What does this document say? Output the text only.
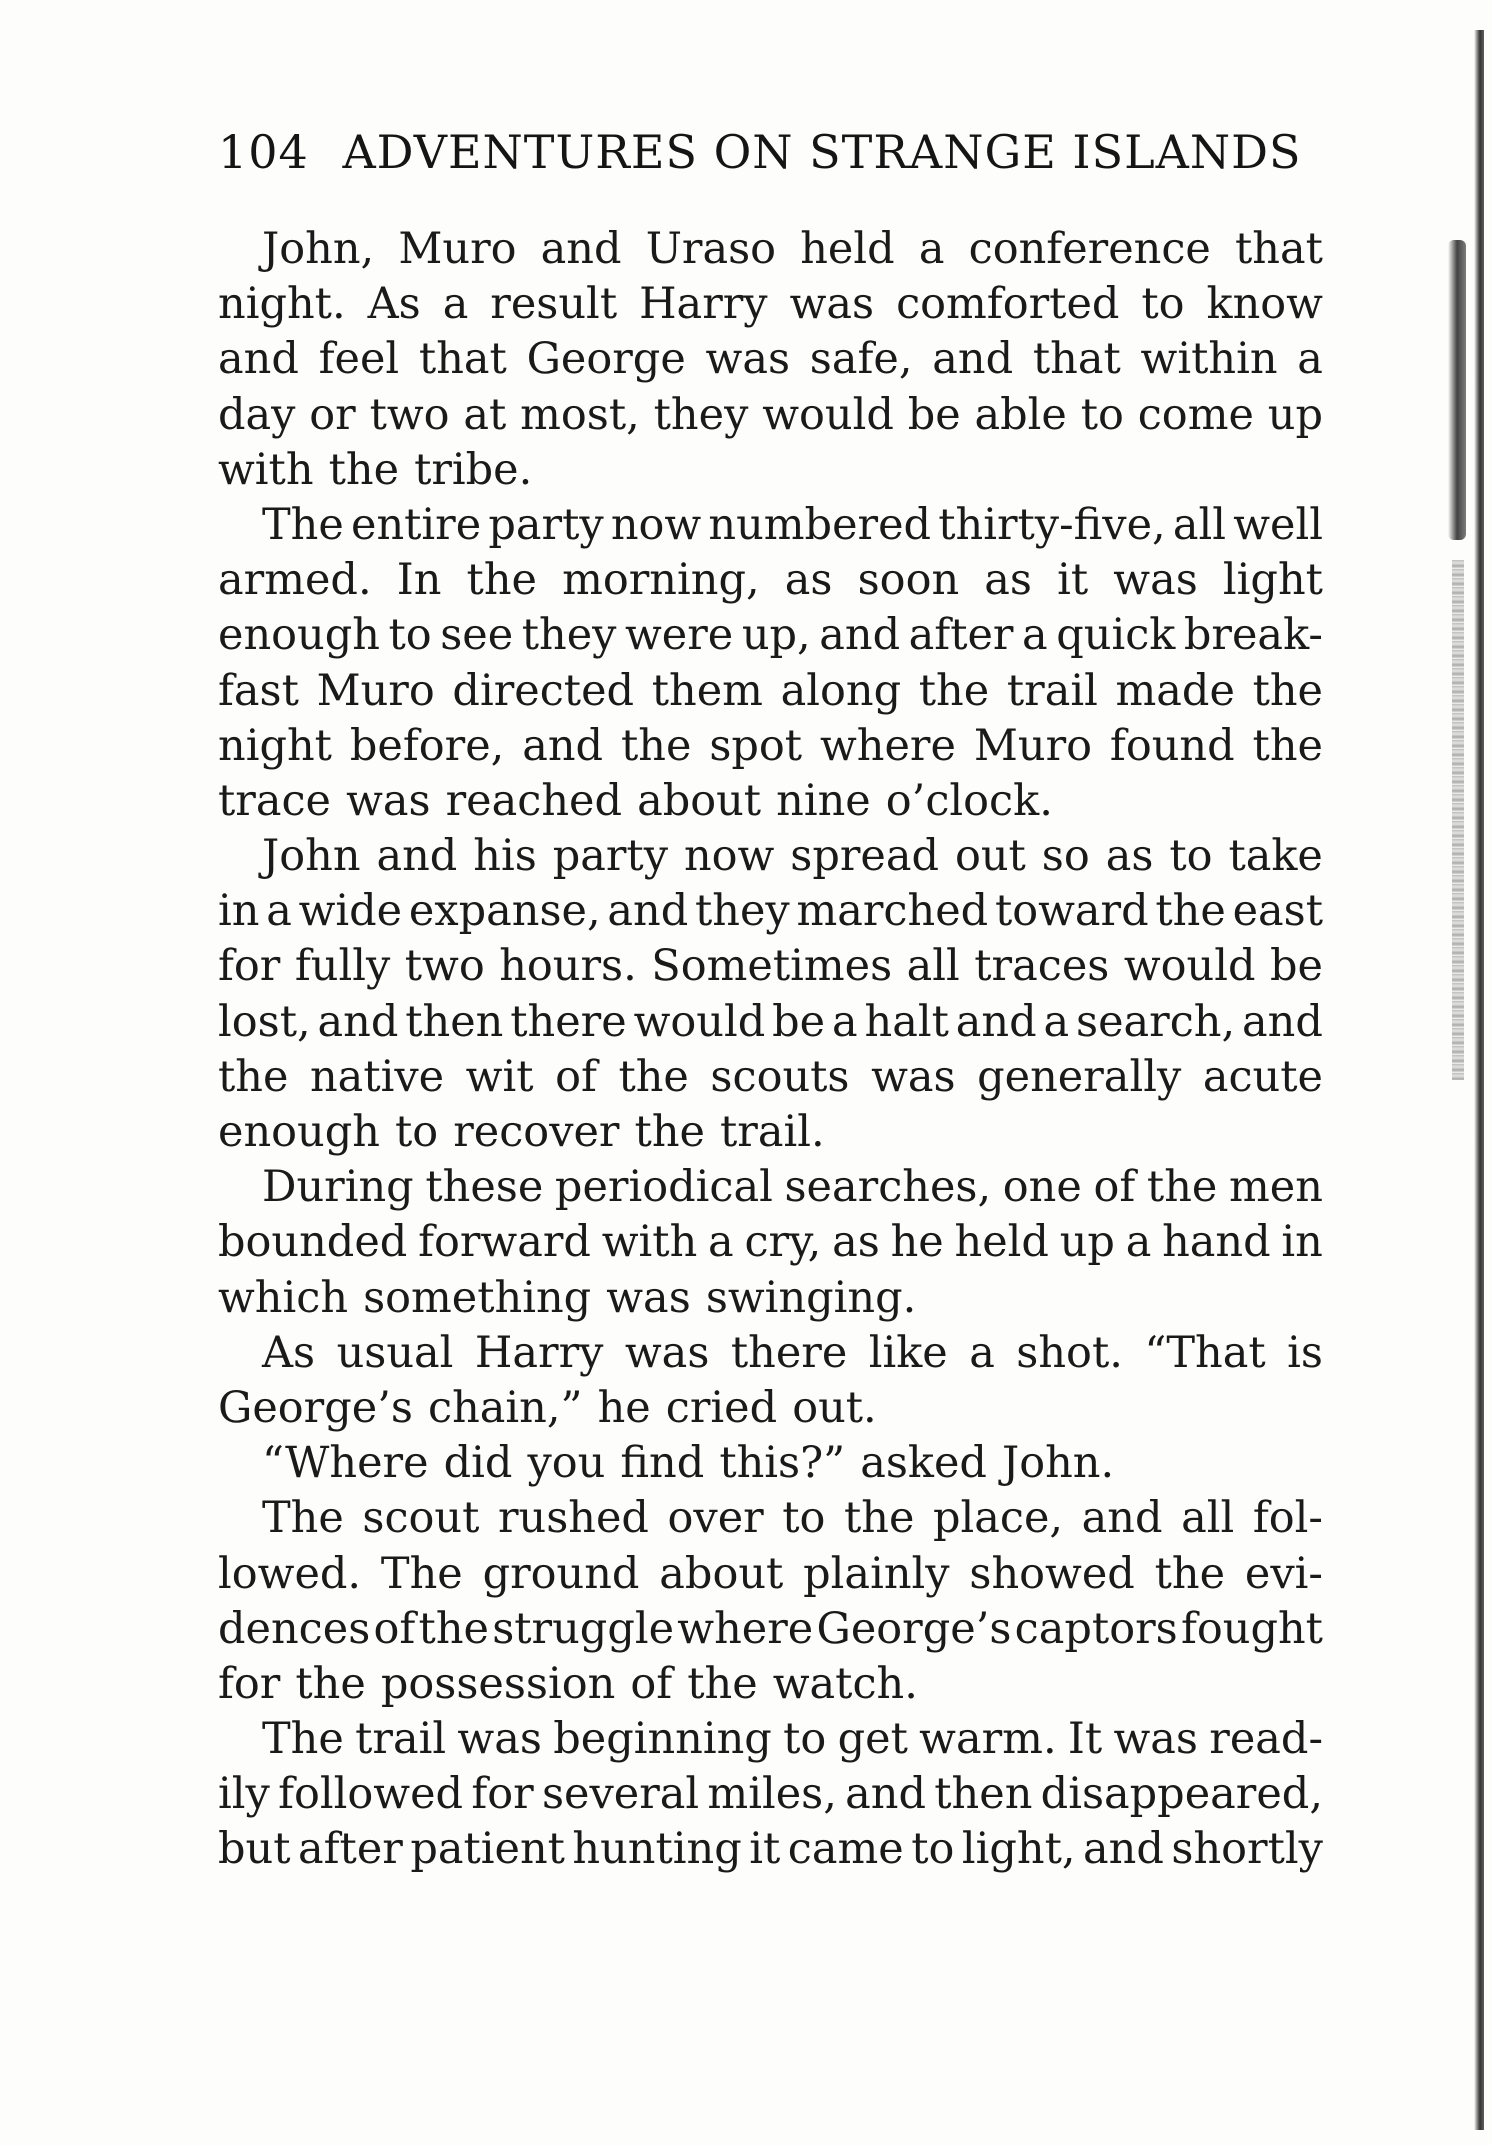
104 ADVENTURES ON STRANGE ISLANDS
John, Muro and Uraso held a conference that
night. As a result Harry was comforted to know
and feel that George was safe, and that within a
day or two at most, they would be able to come up
with the tribe.
The entire party now numbered thirty-five, all well
armed. In the morning, as soon as it was light
enough to see they were up, and after a quick break-
fast Muro directed them along the trail made the
night before, and the spot where Muro found the
trace was reached about nine o’clock.
John and his party now spread out so as to take
in a wide expanse, and they marched toward the east
for fully two hours. Sometimes all traces would be
lost, and then there would be a halt and a search, and
the native wit of the scouts was generally acute
enough to recover the trail.
During these periodical searches, one of the men
bounded forward with a cry, as he held up a hand in
which something was swinging.
As usual Harry was there like a shot. “That is
George’s chain,” he cried out.
“Where did you find this?” asked John.
The scout rushed over to the place, and all fol-
lowed. The ground about plainly showed the evi-
dences of the struggle where George’s captors fought
for the possession of the watch.
The trail was beginning to get warm. It was read-
ily followed for several miles, and then disappeared,
but after patient hunting it came to light, and shortly
